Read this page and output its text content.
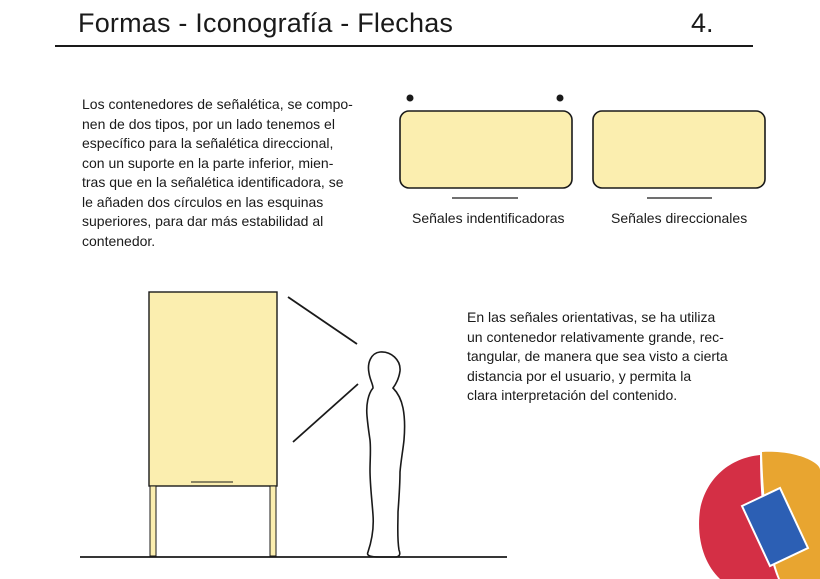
Formas - Iconografía - Flechas	4.
Los contenedores de señalética, se compo-
nen de dos tipos, por un lado tenemos el
específico para la señalética direccional,
con un suporte en la parte inferior, mien-
tras que en la señalética identificadora, se
le añaden dos círculos en las esquinas
superiores, para dar más estabilidad al
contenedor.
Señales indentificadoras	Señales direccionales
En las señales orientativas, se ha utiliza
un contenedor relativamente grande, rec-
tangular, de manera que sea visto a cierta
distancia por el usuario, y permita la
clara interpretación del contenido.
